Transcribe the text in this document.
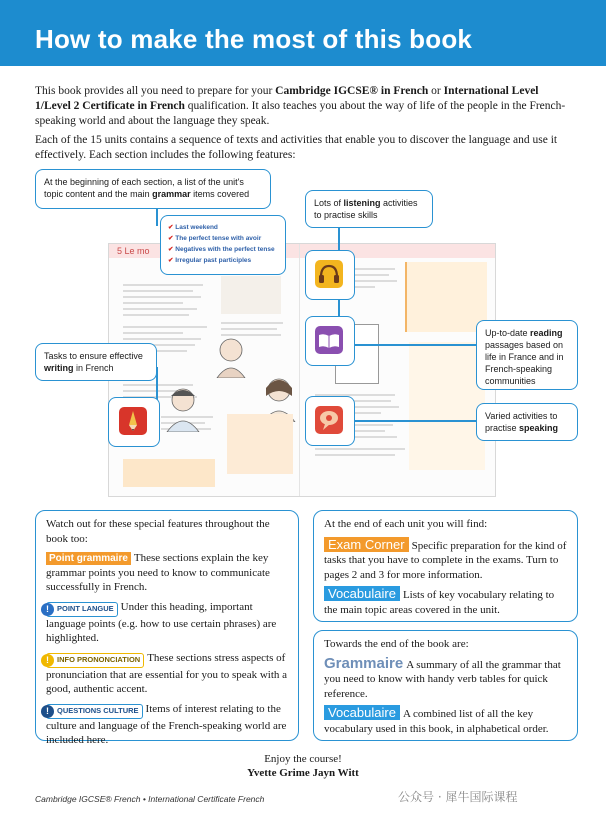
How to make the most of this book

This book provides all you need to prepare for your Cambridge IGCSE® in French or International Level 1/Level 2 Certificate in French qualification. It also teaches you about the way of life of the people in the French-speaking world and about the language they speak.

Each of the 15 units contains a sequence of texts and activities that enable you to discover the language and use it effectively. Each section includes the following features:

5 Le mo
✔ Last weekend
✔ The perfect tense with avoir
✔ Negatives with the perfect tense
✔ Irregular past participles
At the beginning of each section, a list of the unit's topic content and the main grammar items covered
Lots of listening activities to practise skills
Up-to-date reading passages based on life in France and in French-speaking communities
Tasks to ensure effective writing in French
Varied activities to practise speaking

Watch out for these special features throughout the book too:

Point grammaire These sections explain the key grammar points you need to know to communicate successfully in French.

!	POINT LANGUE Under this heading, important language points (e.g. how to use certain phrases) are highlighted.

!	INFO PRONONCIATION These sections stress aspects of pronunciation that are essential for you to speak with a good, authentic accent.

!	QUESTIONS CULTURE Items of interest relating to the culture and language of the French-speaking world are included here.

At the end of each unit you will find:

Exam Corner Specific preparation for the kind of tasks that you have to complete in the exams. Turn to pages 2 and 3 for more information.

Vocabulaire Lists of key vocabulary relating to the main topic areas covered in the unit.

Towards the end of the book are:

Grammaire A summary of all the grammar that you need to know with handy verb tables for quick reference.

Vocabulaire A combined list of all the key vocabulary used in this book, in alphabetical order.

Enjoy the course!
Yvette Grime Jayn Witt
Cambridge IGCSE® French • International Certificate French	公众号 · 犀牛国际课程
